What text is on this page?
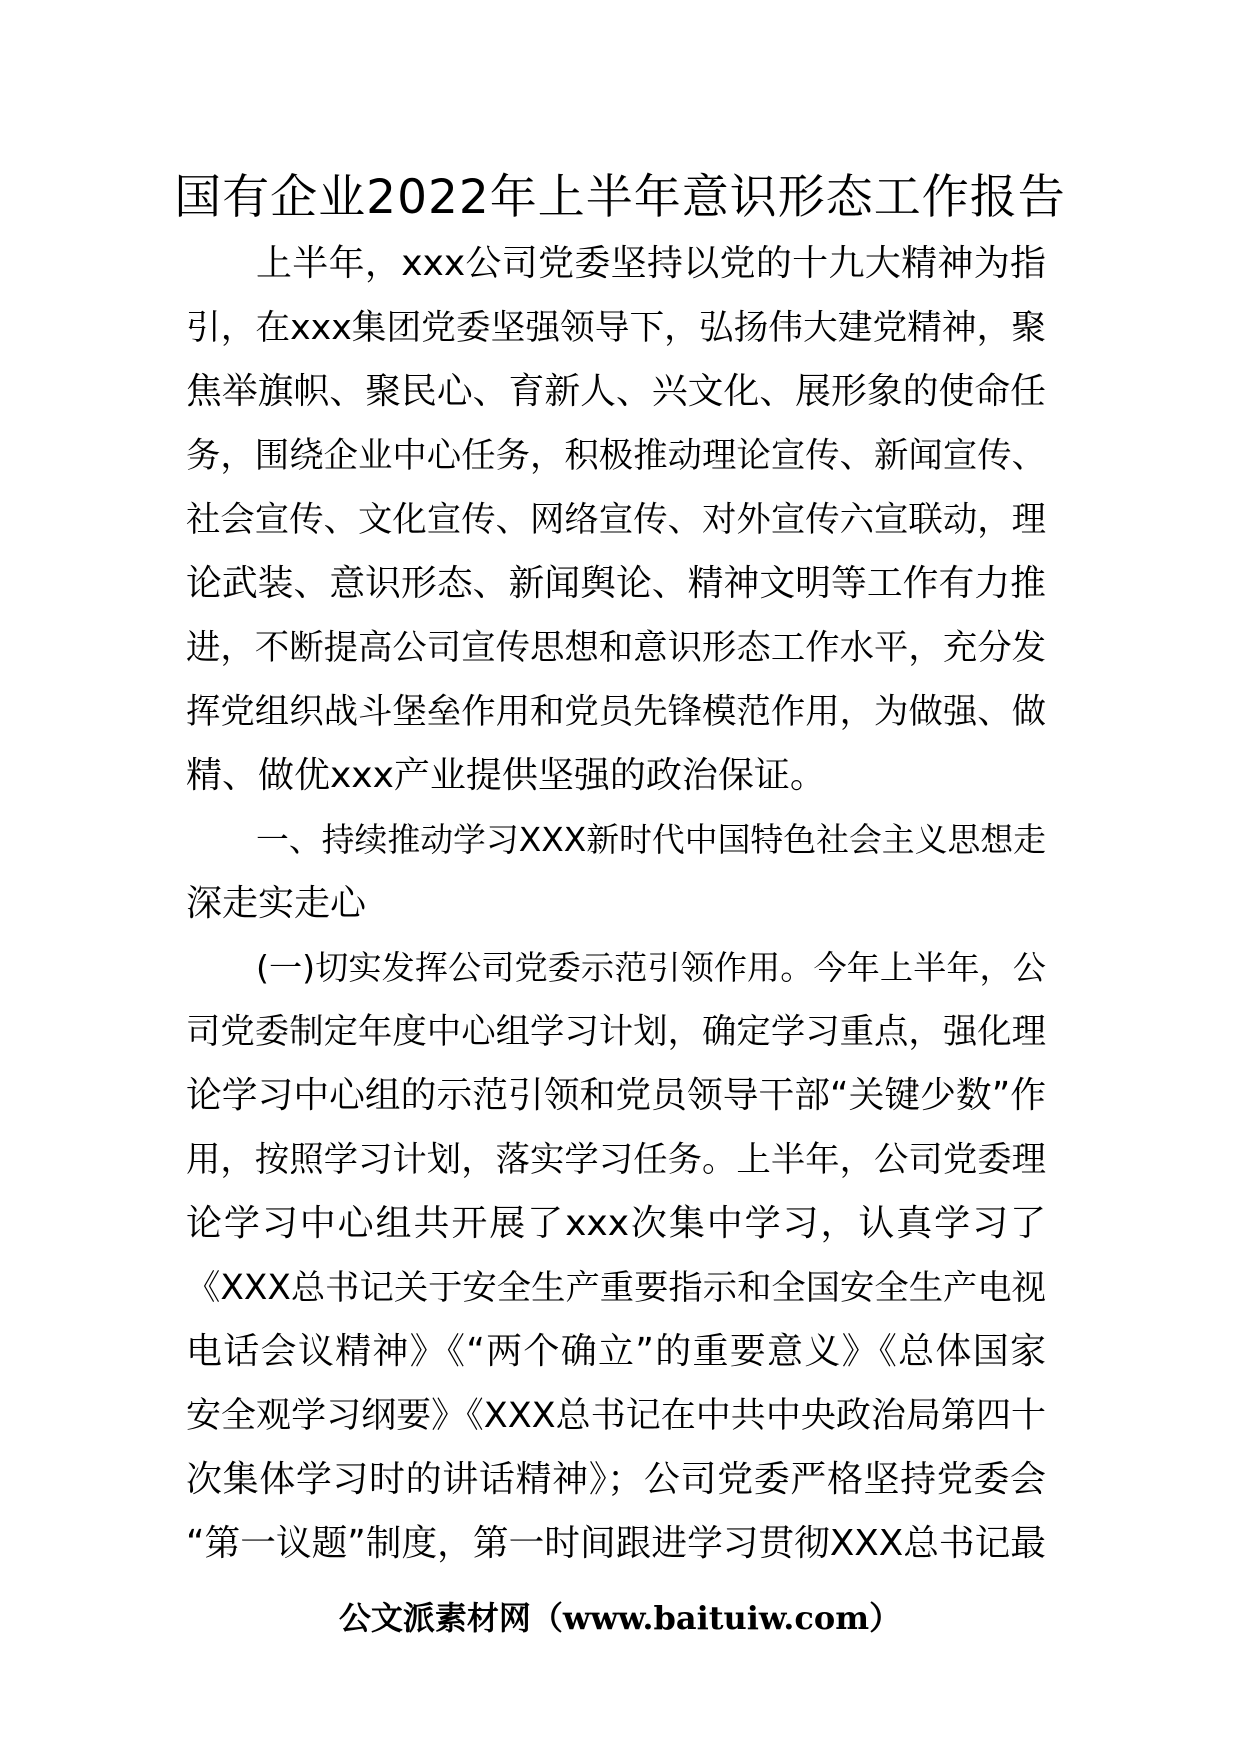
国有企业2022年上半年意识形态工作报告
上半年，xxx公司党委坚持以党的十九大精神为指
引，在xxx集团党委坚强领导下，弘扬伟大建党精神，聚
焦举旗帜、聚民心、育新人、兴文化、展形象的使命任
务，围绕企业中心任务，积极推动理论宣传、新闻宣传、
社会宣传、文化宣传、网络宣传、对外宣传六宣联动，理
论武装、意识形态、新闻舆论、精神文明等工作有力推
进，不断提高公司宣传思想和意识形态工作水平，充分发
挥党组织战斗堡垒作用和党员先锋模范作用，为做强、做
精、做优xxx产业提供坚强的政治保证。
一、持续推动学习XXX新时代中国特色社会主义思想走
深走实走心
(一)切实发挥公司党委示范引领作用。今年上半年，公
司党委制定年度中心组学习计划，确定学习重点，强化理
论学习中心组的示范引领和党员领导干部“关键少数”作
用，按照学习计划，落实学习任务。上半年，公司党委理
论学习中心组共开展了xxx次集中学习，认真学习了
《XXX总书记关于安全生产重要指示和全国安全生产电视
电话会议精神》《“两个确立”的重要意义》《总体国家
安全观学习纲要》《XXX总书记在中共中央政治局第四十
次集体学习时的讲话精神》；公司党委严格坚持党委会
“第一议题”制度，第一时间跟进学习贯彻XXX总书记最
公文派素材网（www.baituiw.com）
